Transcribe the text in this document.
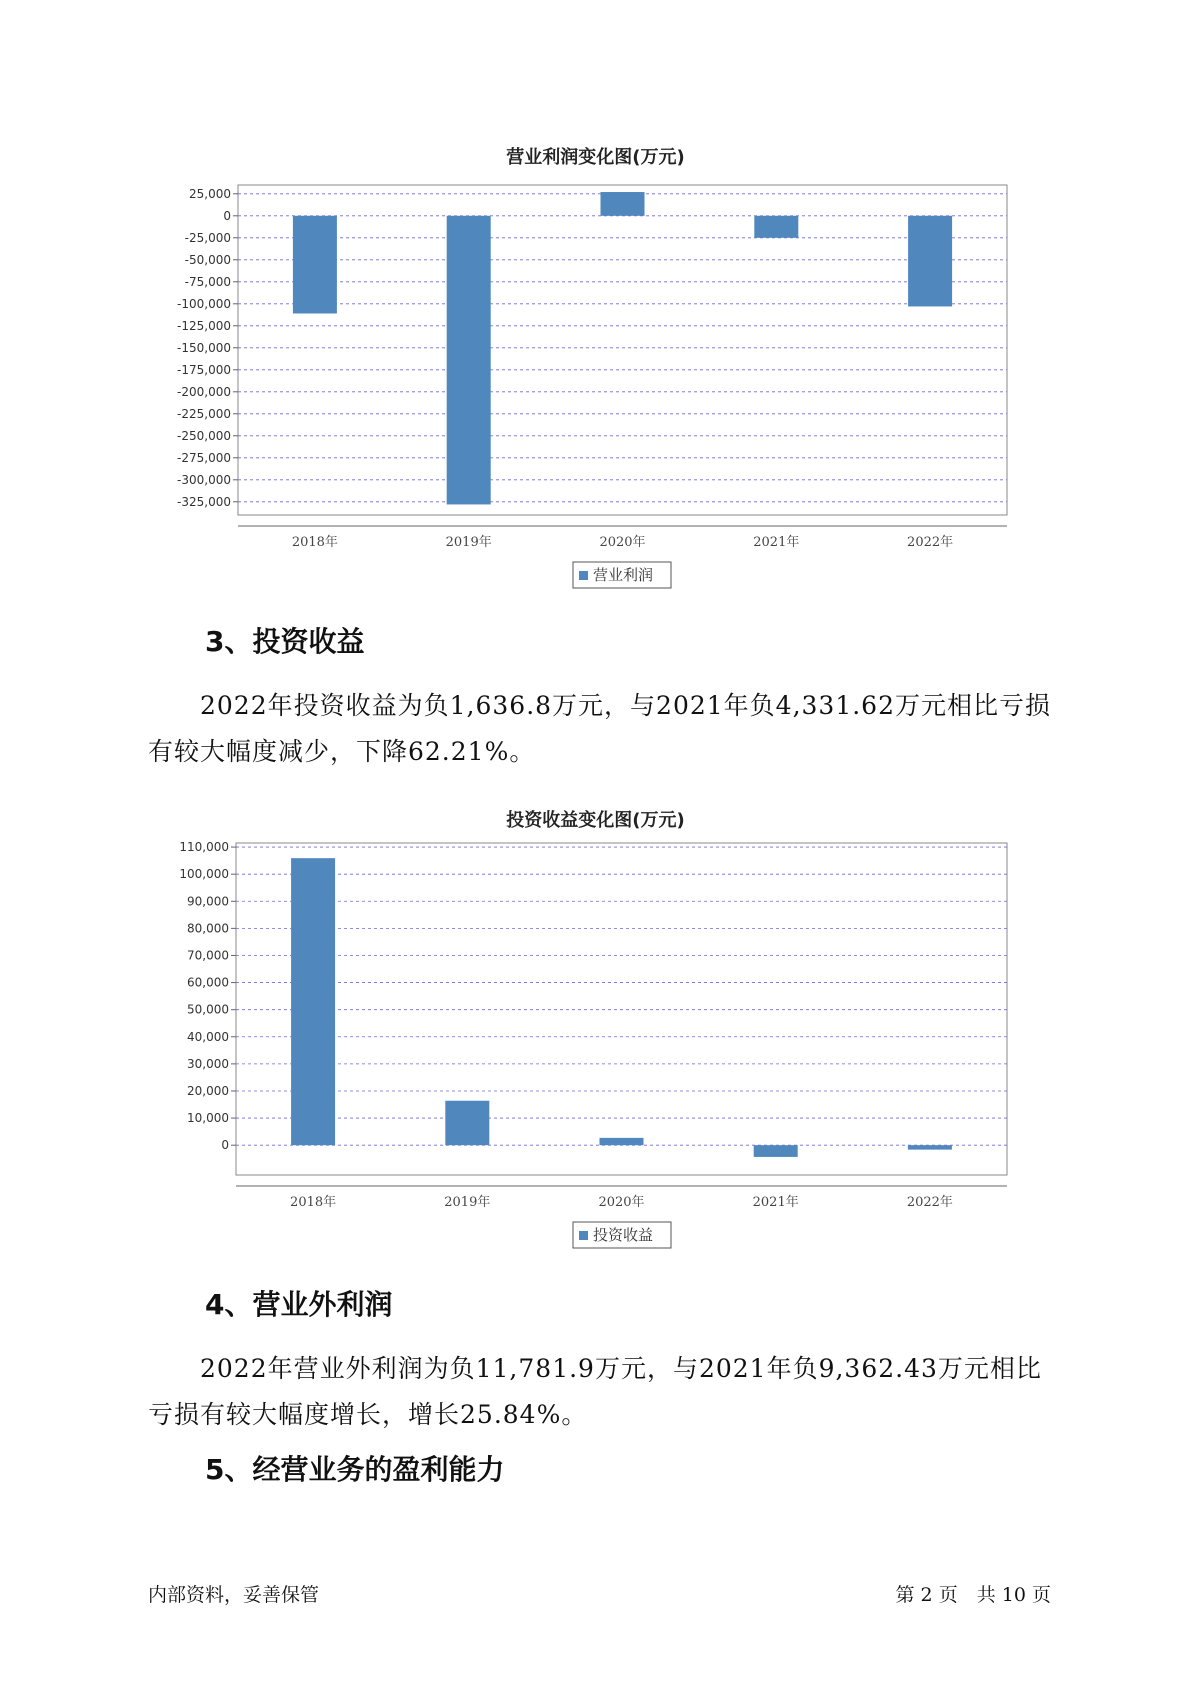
营业利润变化图(万元)
25,000
0
-25,000
-50,000
-75,000
-100,000
-125,000
-150,000
-175,000
-200,000
-225,000
-250,000
-275,000
-300,000
-325,000
2018年	2019年	2020年	2021年	2022年
营业利润
3、投资收益
2022年投资收益为负1,636.8万元，与2021年负4,331.62万元相比亏损
有较大幅度减少，下降62.21%。
投资收益变化图(万元)
110,000
100,000
90,000
80,000
70,000
60,000
50,000
40,000
30,000
20,000
10,000
0
2018年	2019年	2020年	2021年	2022年
投资收益
4、营业外利润
2022年营业外利润为负11,781.9万元，与2021年负9,362.43万元相比
亏损有较大幅度增长，增长25.84%。
5、经营业务的盈利能力
内部资料，妥善保管	第 2 页　共 10 页
